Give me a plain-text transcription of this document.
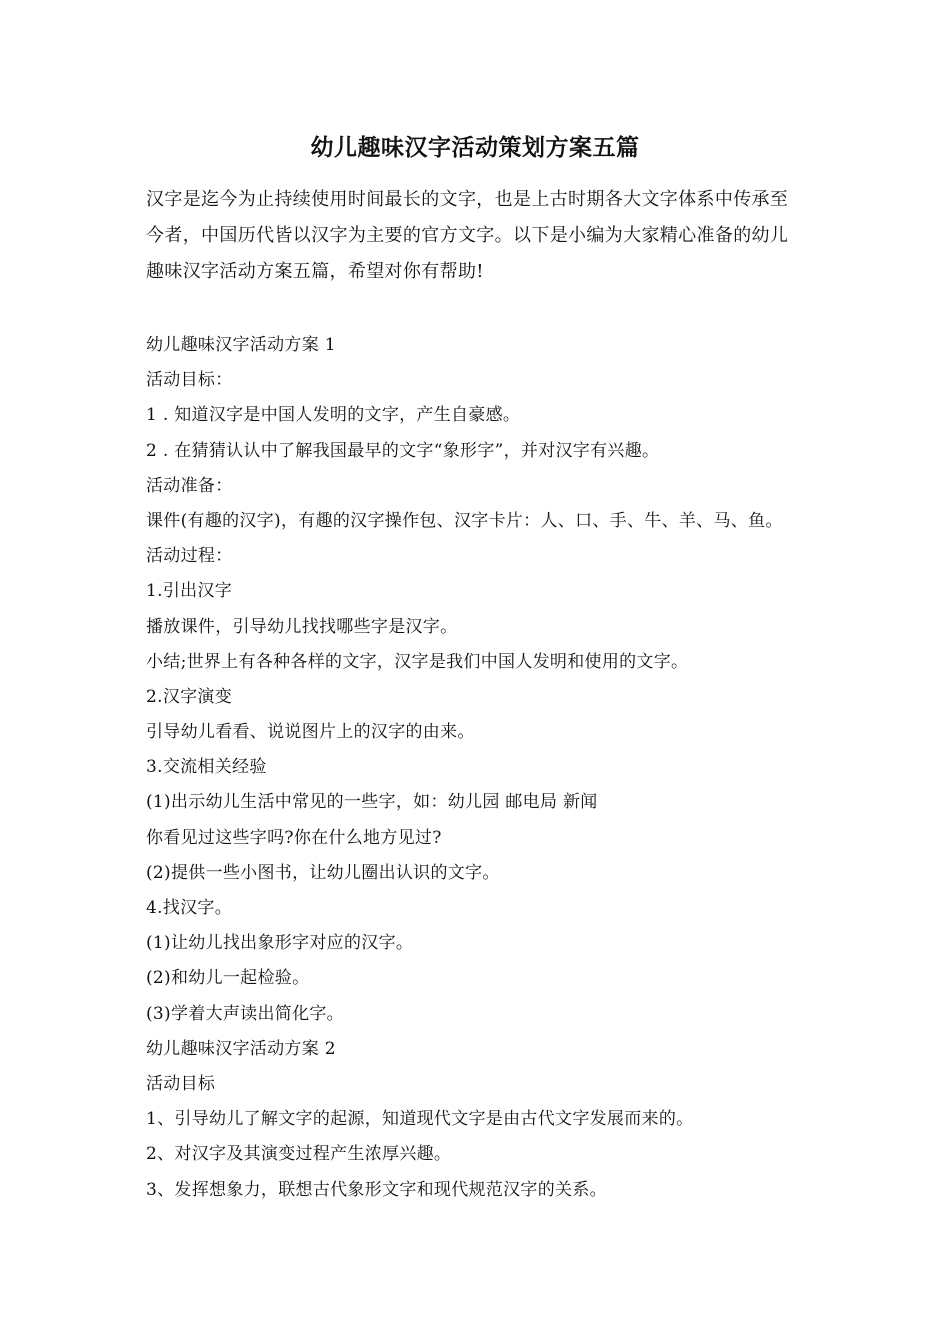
幼儿趣味汉字活动策划方案五篇

汉字是迄今为止持续使用时间最长的文字，也是上古时期各大文字体系中传承至

今者，中国历代皆以汉字为主要的官方文字。以下是小编为大家精心准备的幼儿

趣味汉字活动方案五篇，希望对你有帮助!

幼儿趣味汉字活动方案 1
活动目标：
1 . 知道汉字是中国人发明的文字，产生自豪感。
2 . 在猜猜认认中了解我国最早的文字“象形字”，并对汉字有兴趣。
活动准备：
课件(有趣的汉字)，有趣的汉字操作包、汉字卡片：人、口、手、牛、羊、马、鱼。
活动过程：
1.引出汉字
播放课件，引导幼儿找找哪些字是汉字。
小结;世界上有各种各样的文字，汉字是我们中国人发明和使用的文字。
2.汉字演变
引导幼儿看看、说说图片上的汉字的由来。
3.交流相关经验
(1)出示幼儿生活中常见的一些字，如：幼儿园 邮电局 新闻
你看见过这些字吗?你在什么地方见过?
(2)提供一些小图书，让幼儿圈出认识的文字。
4.找汉字。
(1)让幼儿找出象形字对应的汉字。
(2)和幼儿一起检验。
(3)学着大声读出简化字。
幼儿趣味汉字活动方案 2
活动目标
1、引导幼儿了解文字的起源，知道现代文字是由古代文字发展而来的。
2、对汉字及其演变过程产生浓厚兴趣。
3、发挥想象力，联想古代象形文字和现代规范汉字的关系。
